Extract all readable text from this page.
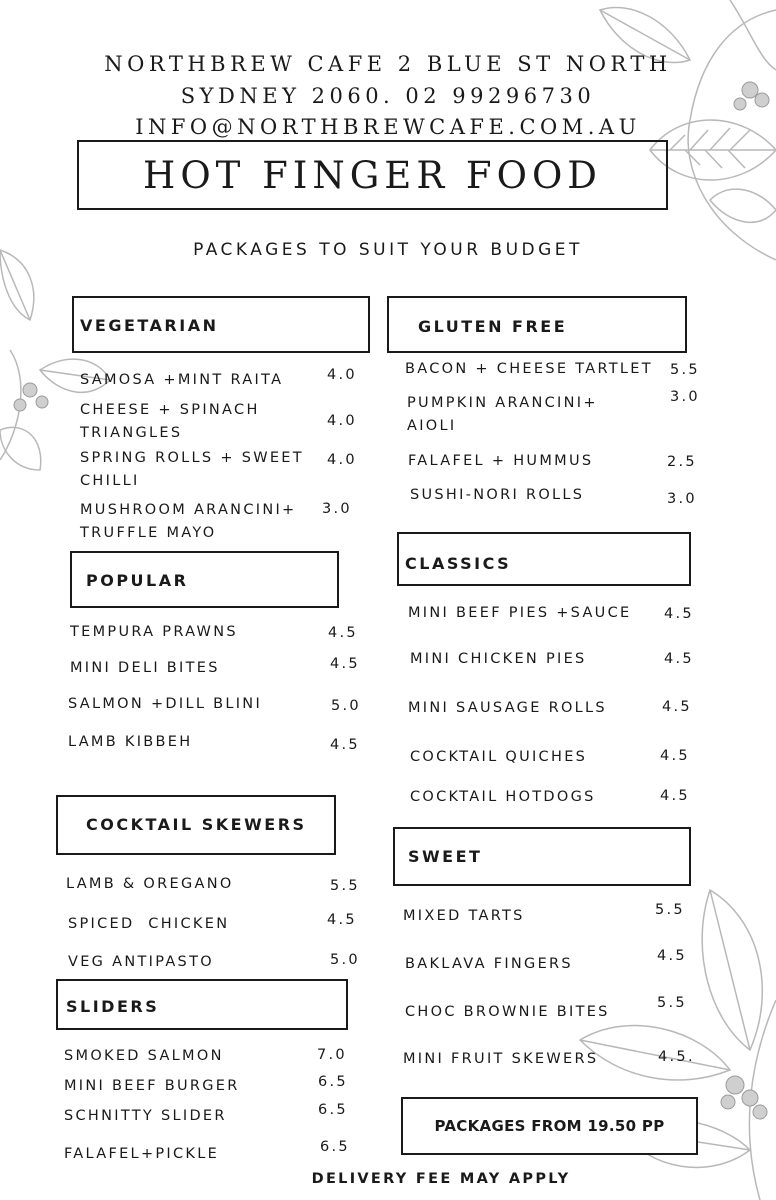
NORTHBREW CAFE 2 BLUE ST NORTH
SYDNEY 2060. 02 99296730
INFO@NORTHBREWCAFE.COM.AU
HOT FINGER FOOD
PACKAGES TO SUIT YOUR BUDGET
VEGETARIAN
SAMOSA +MINT RAITA	4.0
CHEESE + SPINACH
TRIANGLES
4.0
SPRING ROLLS + SWEET
CHILLI
4.0
MUSHROOM ARANCINI+
TRUFFLE MAYO
3.0
POPULAR
TEMPURA PRAWNS	4.5
MINI DELI BITES	4.5
SALMON +DILL BLINI	5.0
LAMB KIBBEH	4.5
COCKTAIL SKEWERS
LAMB & OREGANO	5.5
SPICED  CHICKEN	4.5
VEG ANTIPASTO	5.0
SLIDERS
SMOKED SALMON	7.0
MINI BEEF BURGER	6.5
SCHNITTY SLIDER	6.5
FALAFEL+PICKLE	6.5
GLUTEN FREE
BACON + CHEESE TARTLET 5.5
PUMPKIN ARANCINI+
AIOLI
3.0
FALAFEL + HUMMUS	2.5
SUSHI-NORI ROLLS	3.0
CLASSICS
MINI BEEF PIES +SAUCE 4.5
MINI CHICKEN PIES	4.5
MINI SAUSAGE ROLLS	4.5
COCKTAIL QUICHES	4.5
COCKTAIL HOTDOGS	4.5
SWEET
MIXED TARTS	5.5
BAKLAVA FINGERS	4.5
CHOC BROWNIE BITES
5.5
MINI FRUIT SKEWERS	4.5.
PACKAGES FROM 19.50 PP
DELIVERY FEE MAY APPLY
